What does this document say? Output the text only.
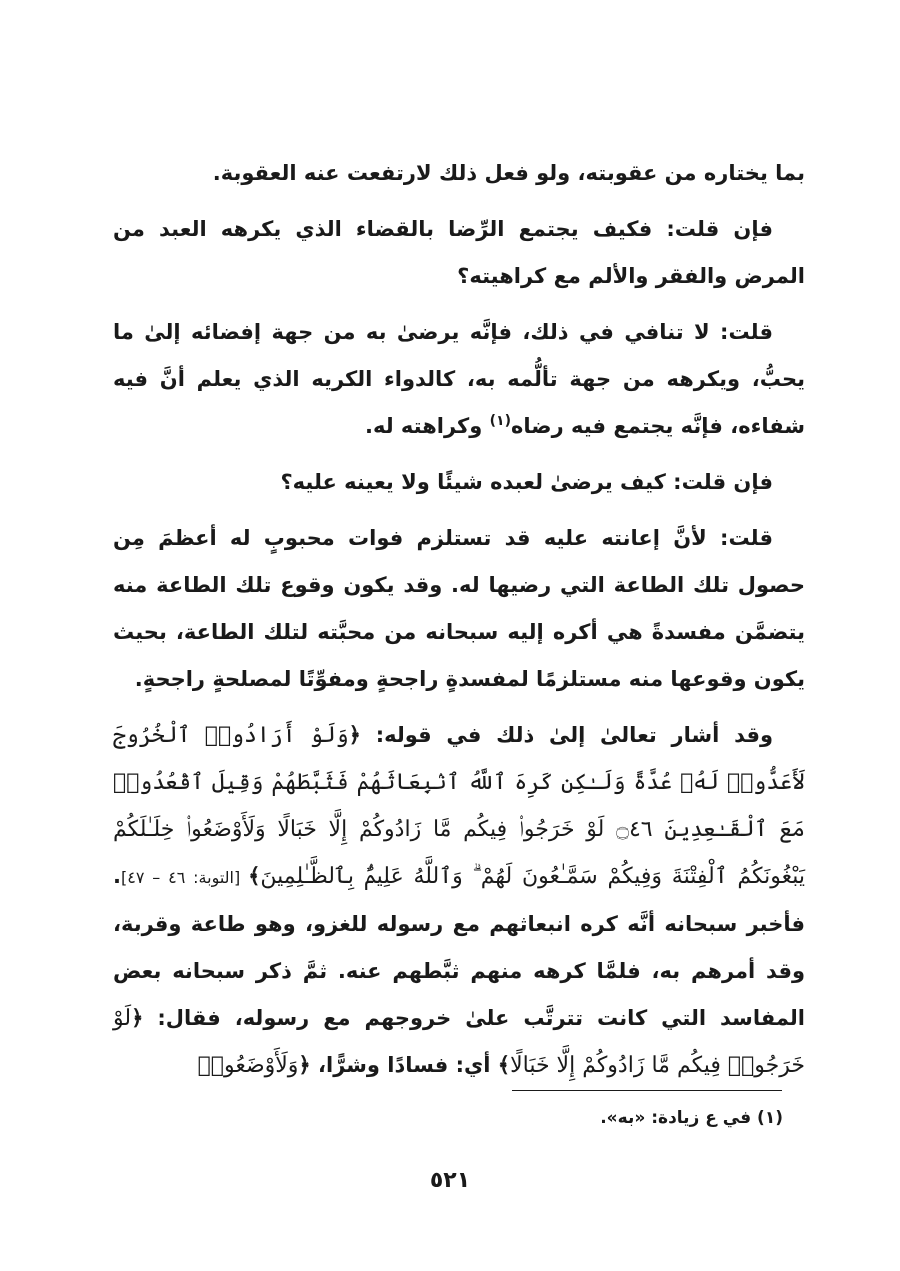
بما يختاره من عقوبته، ولو فعل ذلك لارتفعت عنه العقوبة.

فإن قلت: فكيف يجتمع الرِّضا بالقضاء الذي يكرهه العبد من المرض والفقر والألم مع كراهيته؟

قلت: لا تنافي في ذلك، فإنَّه يرضىٰ به من جهة إفضائه إلىٰ ما يحبُّ، ويكرهه من جهة تألُّمه به، كالدواء الكريه الذي يعلم أنَّ فيه شفاءه، فإنَّه يجتمع فيه رضاه$^{(١)}$ وكراهته له.

فإن قلت: كيف يرضىٰ لعبده شيئًا ولا يعينه عليه؟

قلت: لأنَّ إعانته عليه قد تستلزم فوات محبوبٍ له أعظمَ مِن حصول تلك الطاعة التي رضيها له. وقد يكون وقوع تلك الطاعة منه يتضمَّن مفسدةً هي أكره إليه سبحانه من محبَّته لتلك الطاعة، بحيث يكون وقوعها منه مستلزمًا لمفسدةٍ راجحةٍ ومفوِّتًا لمصلحةٍ راجحةٍ.

وقد أشار تعالىٰ إلىٰ ذلك في قوله: ﴿وَلَوْ أَرَادُوا۟ ٱلْخُرُوجَ لَأَعَدُّوا۟ لَهُۥ عُدَّةً وَلَـٰكِن كَرِهَ ٱللَّهُ ٱنۢبِعَاثَهُمْ فَثَبَّطَهُمْ وَقِيلَ ٱقْعُدُوا۟ مَعَ ٱلْقَـٰعِدِينَ ۝٤٦ لَوْ خَرَجُوا۟ فِيكُم مَّا زَادُوكُمْ إِلَّا خَبَالًا وَلَأَوْضَعُوا۟ خِلَـٰلَكُمْ يَبْغُونَكُمُ ٱلْفِتْنَةَ وَفِيكُمْ سَمَّـٰعُونَ لَهُمْ ۗ وَٱللَّهُ عَلِيمٌۢ بِٱلظَّـٰلِمِينَ﴾ [التوبة: ٤٦ – ٤٧]. فأخبر سبحانه أنَّه كره انبعاثهم مع رسوله للغزو، وهو طاعة وقربة، وقد أمرهم به، فلمَّا كرهه منهم ثبَّطهم عنه. ثمَّ ذكر سبحانه بعض المفاسد التي كانت تترتَّب علىٰ خروجهم مع رسوله، فقال: ﴿لَوْ خَرَجُوا۟ فِيكُم مَّا زَادُوكُمْ إِلَّا خَبَالًا﴾ أي: فسادًا وشرًّا، ﴿وَلَأَوْضَعُوا۟

(١) في ع زيادة: «به».
٥٢١
